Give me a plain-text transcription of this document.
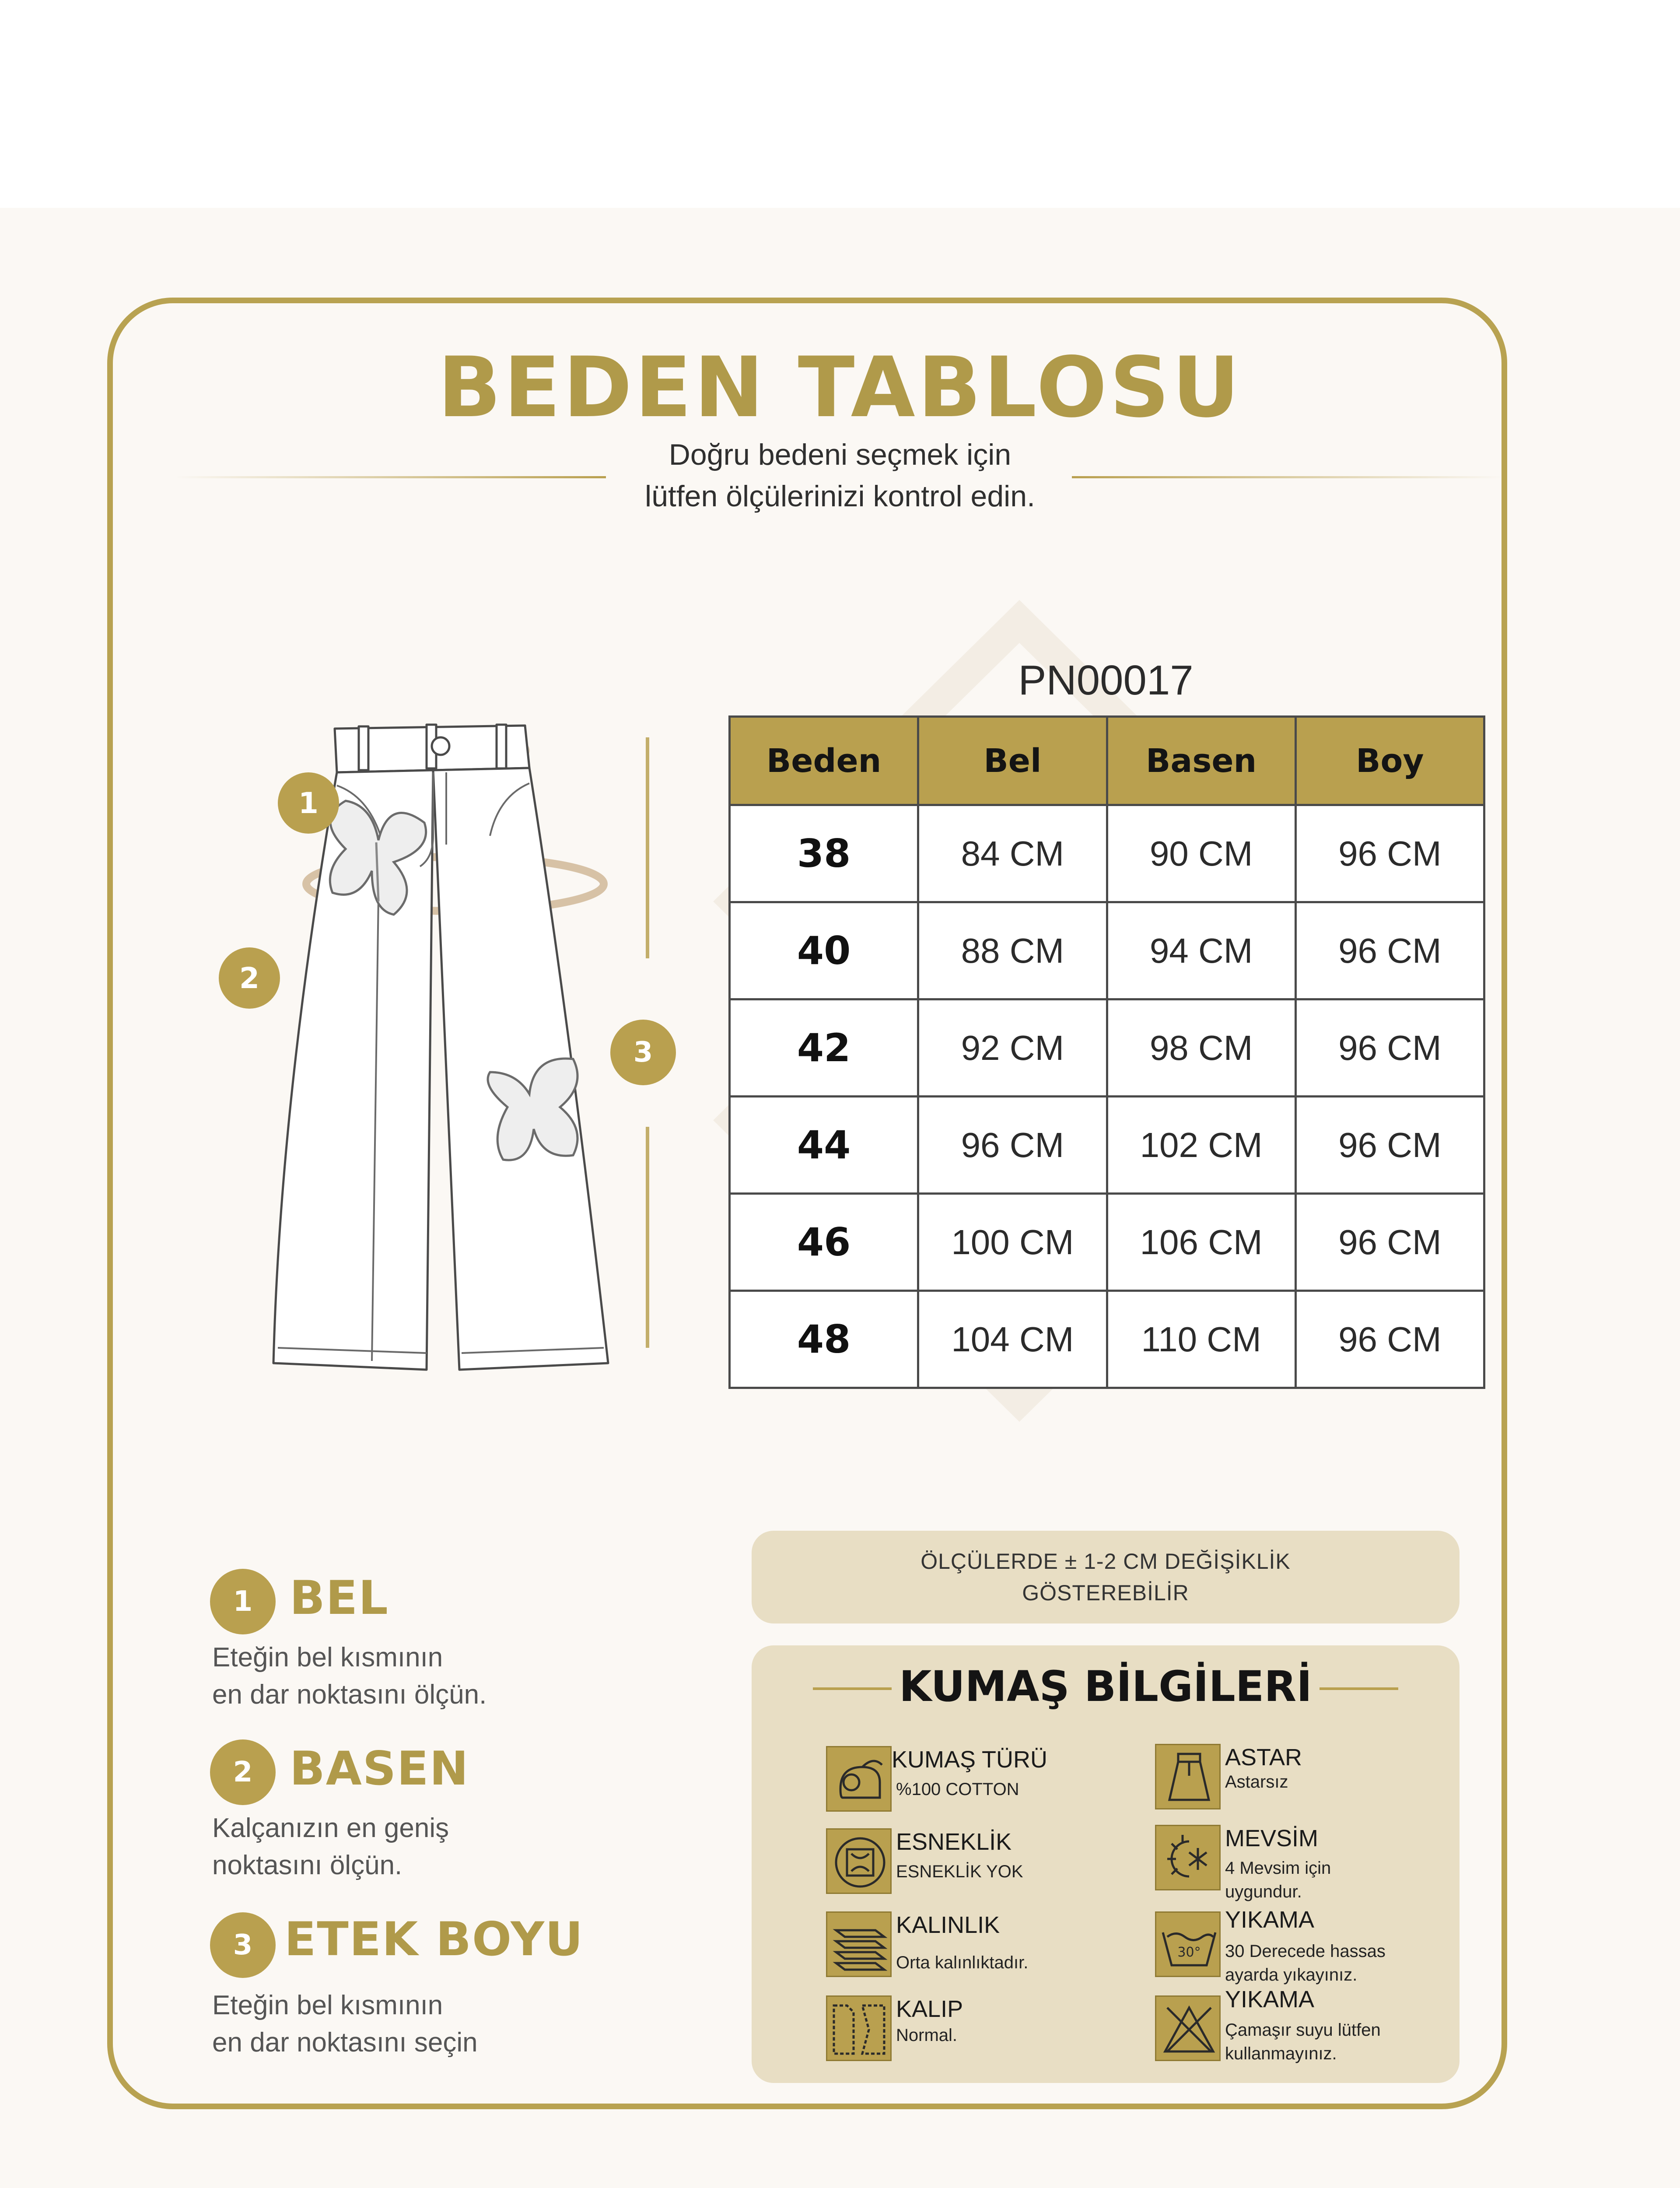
BEDEN TABLOSU
Doğru bedeni seçmek için
lütfen ölçülerinizi kontrol edin.
PN00017
1
2
3
Beden	Bel	Basen	Boy
38	84 CM	90 CM	96 CM
40	88 CM	94 CM	96 CM
42	92 CM	98 CM	96 CM
44	96 CM	102 CM	96 CM
46	100 CM	106 CM	96 CM
48	104 CM	110 CM	96 CM
1 BEL
Eteğin bel kısmının
en dar noktasını ölçün.
2 BASEN
Kalçanızın en geniş
noktasını ölçün.
3 ETEK BOYU
Eteğin bel kısmının
en dar noktasını seçin
ÖLÇÜLERDE ± 1-2 CM DEĞİŞİKLİK
GÖSTEREBİLİR
KUMAŞ BİLGİLERİ
KUMAŞ TÜRÜ
%100 COTTON
ESNEKLİK
ESNEKLİK YOK
KALINLIK
Orta kalınlıktadır.
KALIP
Normal.
ASTAR
Astarsız
MEVSİM
4 Mevsim için
uygundur.
30°
YIKAMA
30 Derecede hassas
ayarda yıkayınız.
YIKAMA
Çamaşır suyu lütfen
kullanmayınız.
